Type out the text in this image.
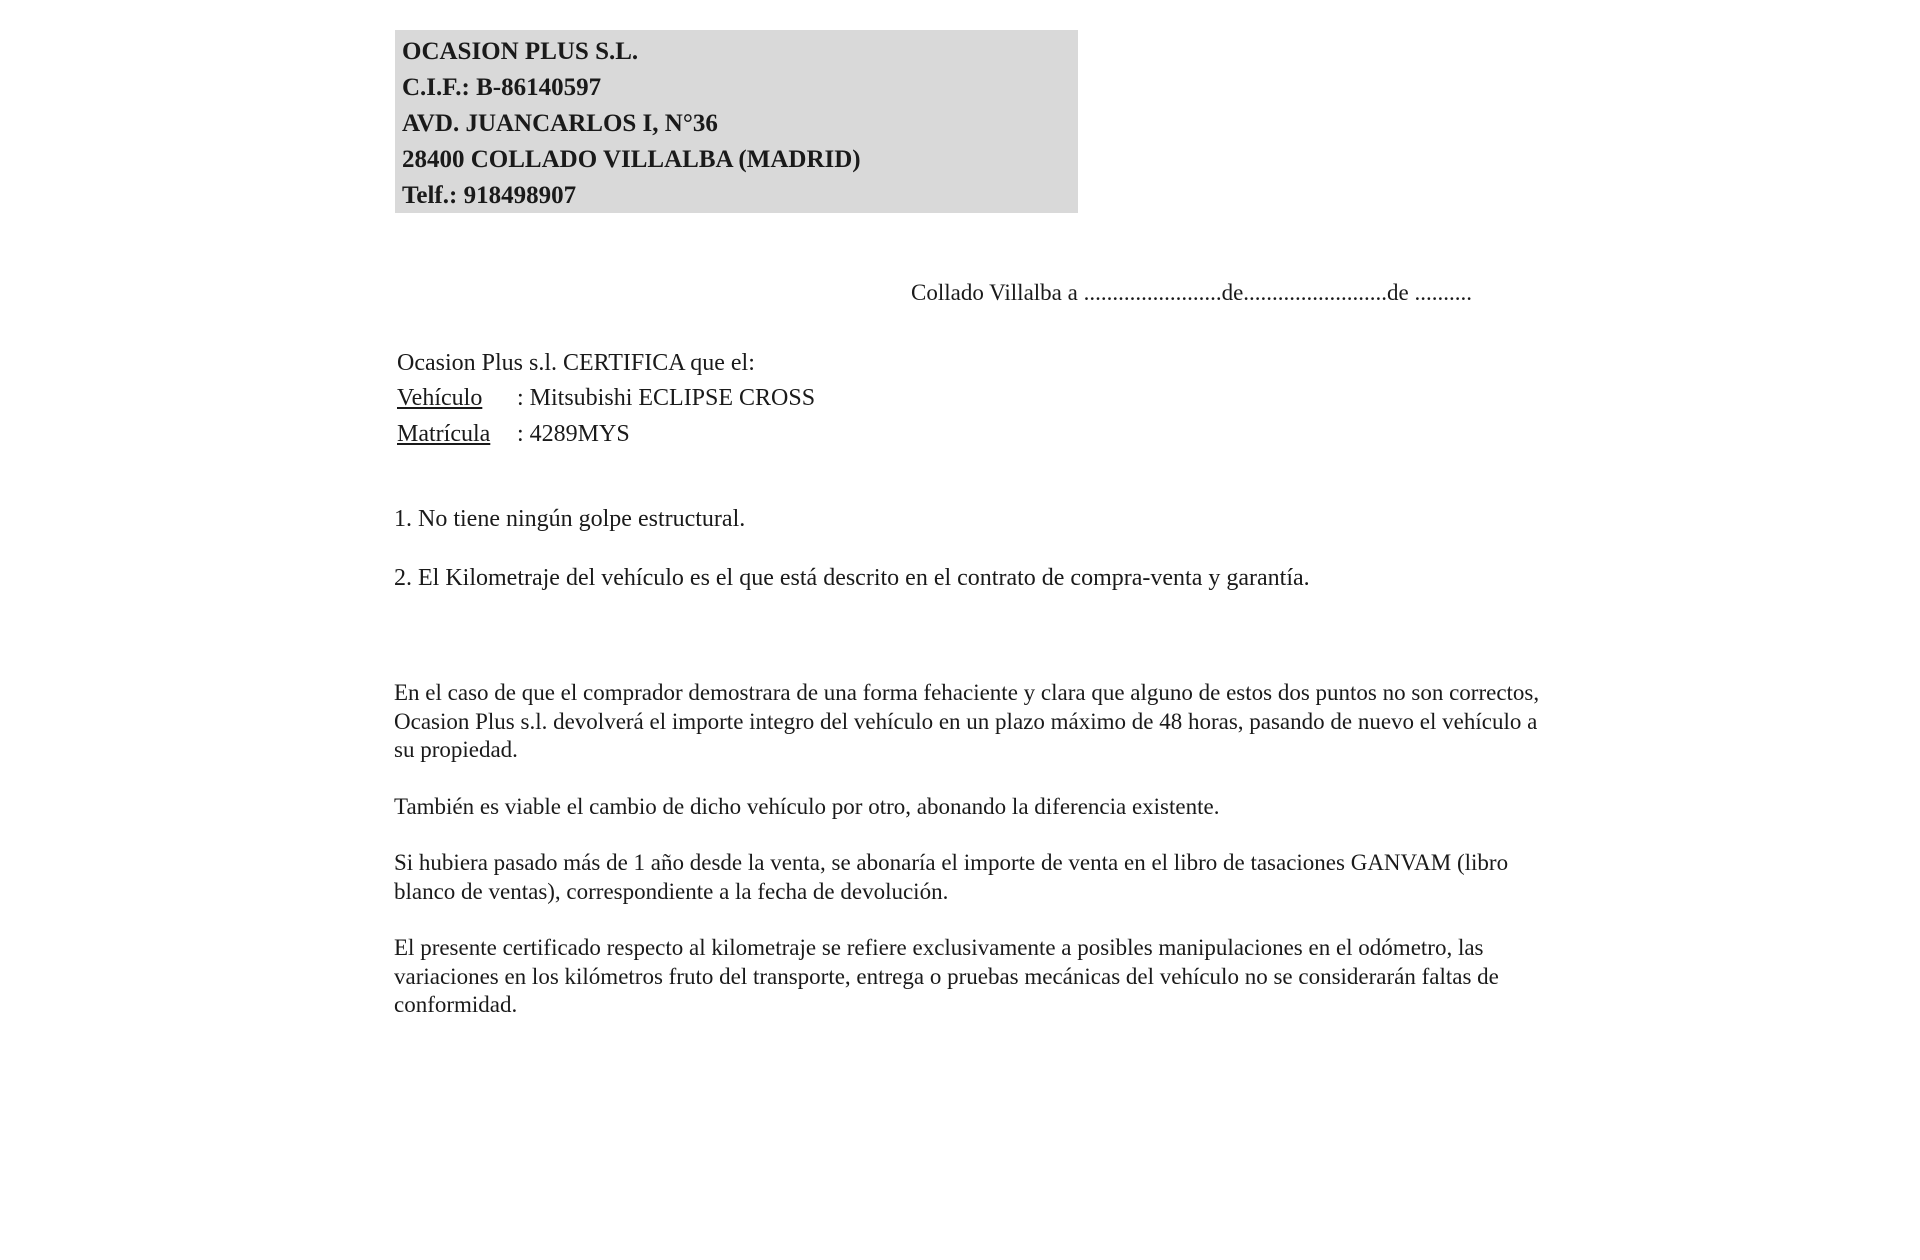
OCASION PLUS S.L.
C.I.F.: B-86140597
AVD. JUANCARLOS I, N°36
28400 COLLADO VILLALBA (MADRID)
Telf.: 918498907
Collado Villalba a ........................de.........................de ..........
Ocasion Plus s.l. CERTIFICA que el:
Vehículo : Mitsubishi ECLIPSE CROSS
Matrícula : 4289MYS

1. No tiene ningún golpe estructural.

2. El Kilometraje del vehículo es el que está descrito en el contrato de compra-venta y garantía.

En el caso de que el comprador demostrara de una forma fehaciente y clara que alguno de estos dos puntos no son correctos, Ocasion Plus s.l. devolverá el importe integro del vehículo en un plazo máximo de 48 horas, pasando de nuevo el vehículo a su propiedad.

También es viable el cambio de dicho vehículo por otro, abonando la diferencia existente.

Si hubiera pasado más de 1 año desde la venta, se abonaría el importe de venta en el libro de tasaciones GANVAM (libro blanco de ventas), correspondiente a la fecha de devolución.

El presente certificado respecto al kilometraje se refiere exclusivamente a posibles manipulaciones en el odómetro, las variaciones en los kilómetros fruto del transporte, entrega o pruebas mecánicas del vehículo no se considerarán faltas de conformidad.
